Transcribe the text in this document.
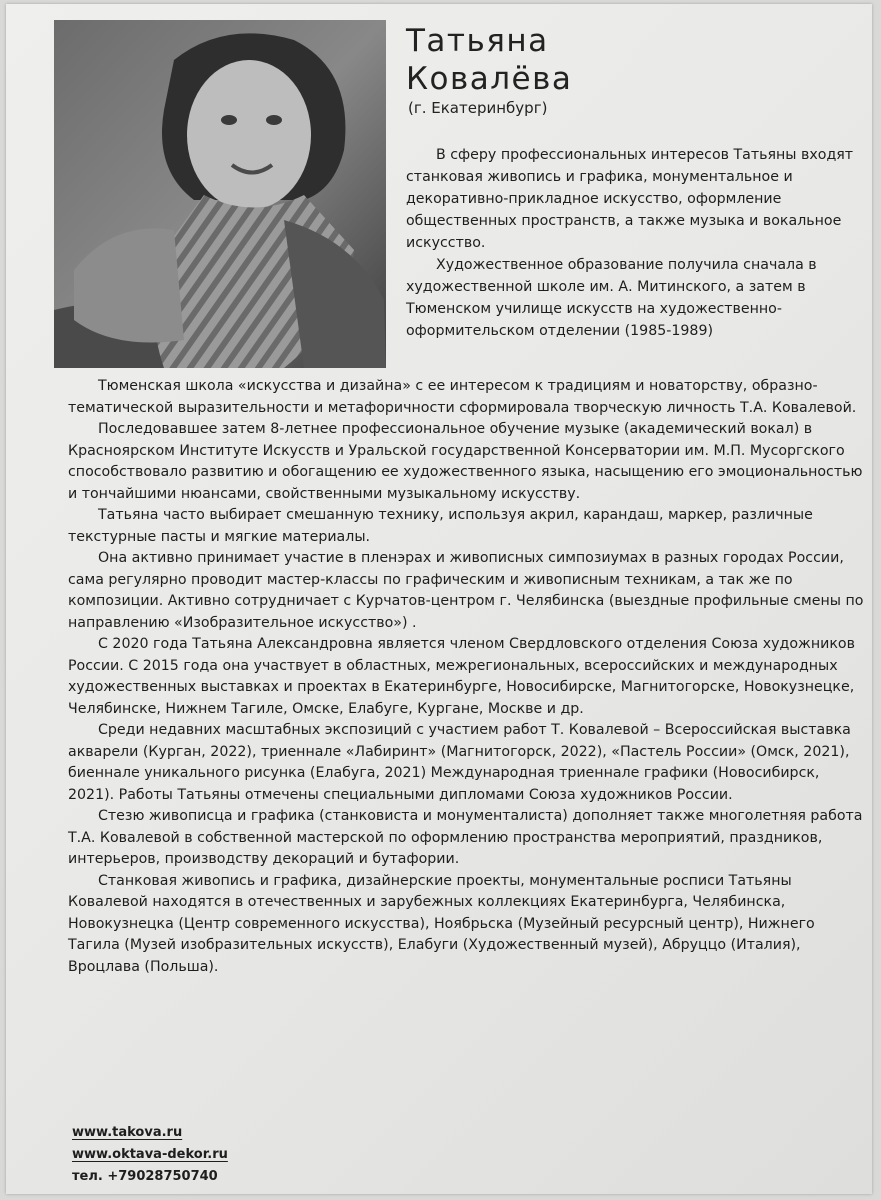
Татьяна
Ковалёва
(г. Екатеринбург)

В сферу профессиональных интересов Татьяны входят станковая живопись и графика, монументальное и декоративно-прикладное искусство, оформление общественных пространств, а также музыка и вокальное искусство.

Художественное образование получила сначала в художественной школе им. А. Митинского, а затем в Тюменском училище искусств на художественно-оформительском отделении (1985-1989)

Тюменская школа «искусства и дизайна» с ее интересом к традициям и новаторству, образно-тематической выразительности и метафоричности сформировала творческую личность Т.А. Ковалевой.

Последовавшее затем 8-летнее профессиональное обучение музыке (академический вокал) в Красноярском Институте Искусств и Уральской государственной Консерватории им. М.П. Мусоргского способствовало развитию и обогащению ее художественного языка, насыщению его эмоциональностью и тончайшими нюансами, свойственными музыкальному искусству.

Татьяна часто выбирает смешанную технику, используя акрил, карандаш, маркер, различные текстурные пасты и мягкие материалы.

Она активно принимает участие в пленэрах и живописных симпозиумах в разных городах России, сама регулярно проводит мастер-классы по графическим и живописным техникам, а так же по композиции. Активно сотрудничает с Курчатов-центром г. Челябинска (выездные профильные смены по направлению «Изобразительное искусство») .

С 2020 года Татьяна Александровна является членом Свердловского отделения Союза художников России. С 2015 года она участвует в областных, межрегиональных, всероссийских и международных художественных выставках и проектах в Екатеринбурге, Новосибирске, Магнитогорске, Новокузнецке, Челябинске, Нижнем Тагиле, Омске, Елабуге, Кургане, Москве и др.

Среди недавних масштабных экспозиций с участием работ Т. Ковалевой – Всероссийская выставка акварели (Курган, 2022), триеннале «Лабиринт» (Магнитогорск, 2022), «Пастель России» (Омск, 2021), биеннале уникального рисунка (Елабуга, 2021) Международная триеннале графики (Новосибирск, 2021). Работы Татьяны отмечены специальными дипломами Союза художников России.

Стезю живописца и графика (станковиста и монументалиста) дополняет также многолетняя работа Т.А. Ковалевой в собственной мастерской по оформлению пространства мероприятий, праздников, интерьеров, производству декораций и бутафории.

Станковая живопись и графика, дизайнерские проекты, монументальные росписи Татьяны Ковалевой находятся в отечественных и зарубежных коллекциях Екатеринбурга, Челябинска, Новокузнецка (Центр современного искусства), Ноябрьска (Музейный ресурсный центр), Нижнего Тагила (Музей изобразительных искусств), Елабуги (Художественный музей), Абруццо (Италия), Вроцлава (Польша).

www.takova.ru
www.oktava-dekor.ru
тел. +79028750740
